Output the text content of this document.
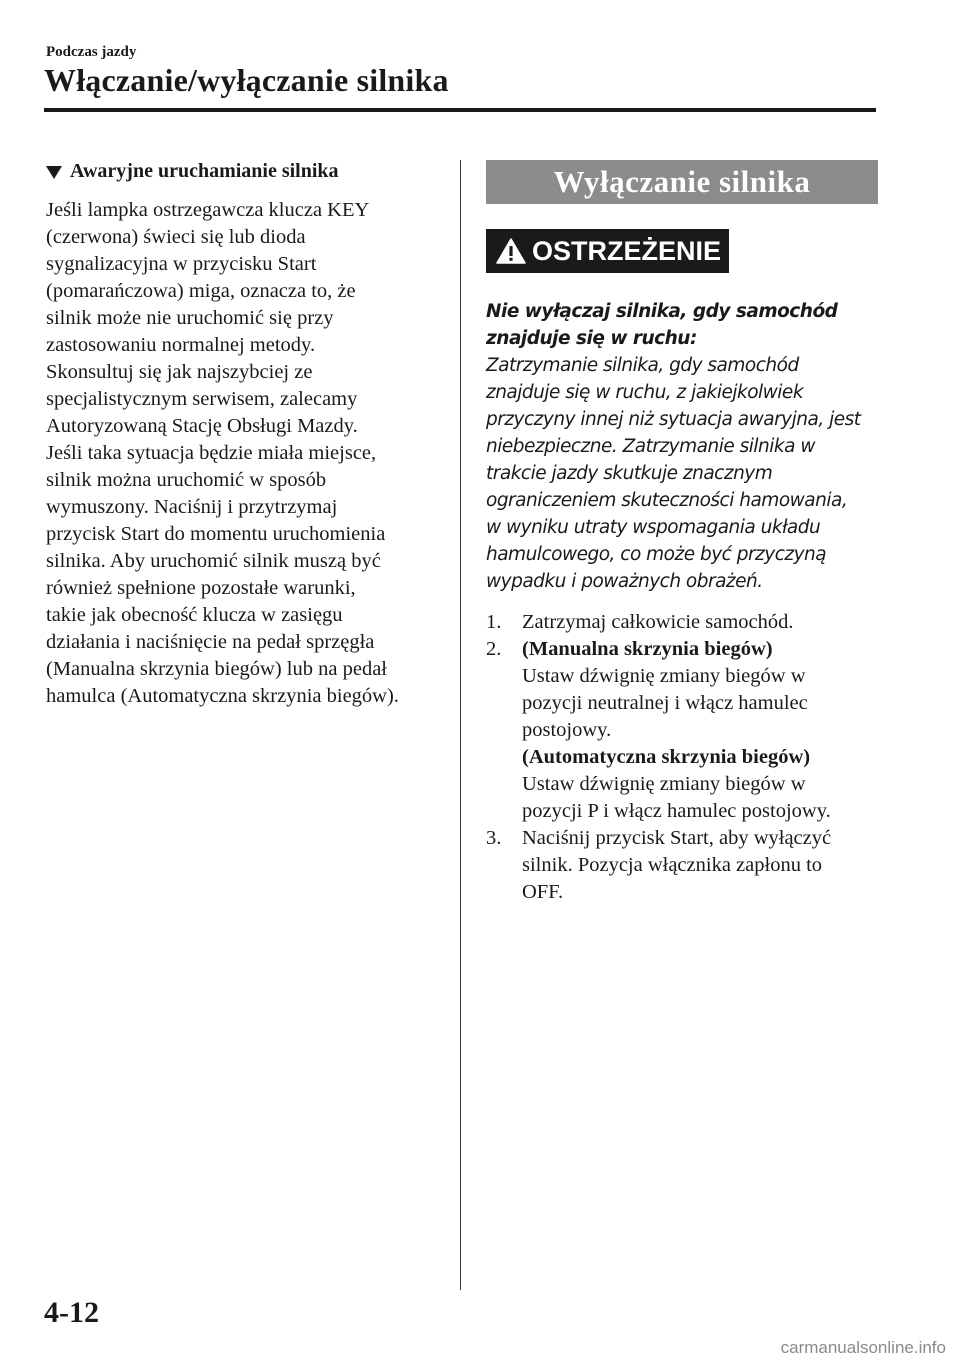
Podczas jazdy
Włączanie/wyłączanie silnika
Awaryjne uruchamianie silnika

Jeśli lampka ostrzegawcza klucza KEY

(czerwona) świeci się lub dioda

sygnalizacyjna w przycisku Start

(pomarańczowa) miga, oznacza to, że

silnik może nie uruchomić się przy

zastosowaniu normalnej metody.

Skonsultuj się jak najszybciej ze

specjalistycznym serwisem, zalecamy

Autoryzowaną Stację Obsługi Mazdy.

Jeśli taka sytuacja będzie miała miejsce,

silnik można uruchomić w sposób

wymuszony. Naciśnij i przytrzymaj

przycisk Start do momentu uruchomienia

silnika. Aby uruchomić silnik muszą być

również spełnione pozostałe warunki,

takie jak obecność klucza w zasięgu

działania i naciśnięcie na pedał sprzęgła

(Manualna skrzynia biegów) lub na pedał

hamulca (Automatyczna skrzynia biegów).

Wyłączanie silnika
OSTRZEŻENIE

Nie wyłączaj silnika, gdy samochód

znajduje się w ruchu:

Zatrzymanie silnika, gdy samochód

znajduje się w ruchu, z jakiejkolwiek

przyczyny innej niż sytuacja awaryjna, jest

niebezpieczne. Zatrzymanie silnika w

trakcie jazdy skutkuje znacznym

ograniczeniem skuteczności hamowania,

w wyniku utraty wspomagania układu

hamulcowego, co może być przyczyną

wypadku i poważnych obrażeń.

1.	Zatrzymaj całkowicie samochód.
2.	(Manualna skrzynia biegów)
Ustaw dźwignię zmiany biegów w
pozycji neutralnej i włącz hamulec
postojowy.
(Automatyczna skrzynia biegów)
Ustaw dźwignię zmiany biegów w
pozycji P i włącz hamulec postojowy.
3.	Naciśnij przycisk Start, aby wyłączyć
silnik. Pozycja włącznika zapłonu to
OFF.
4-12
carmanualsonline.info
